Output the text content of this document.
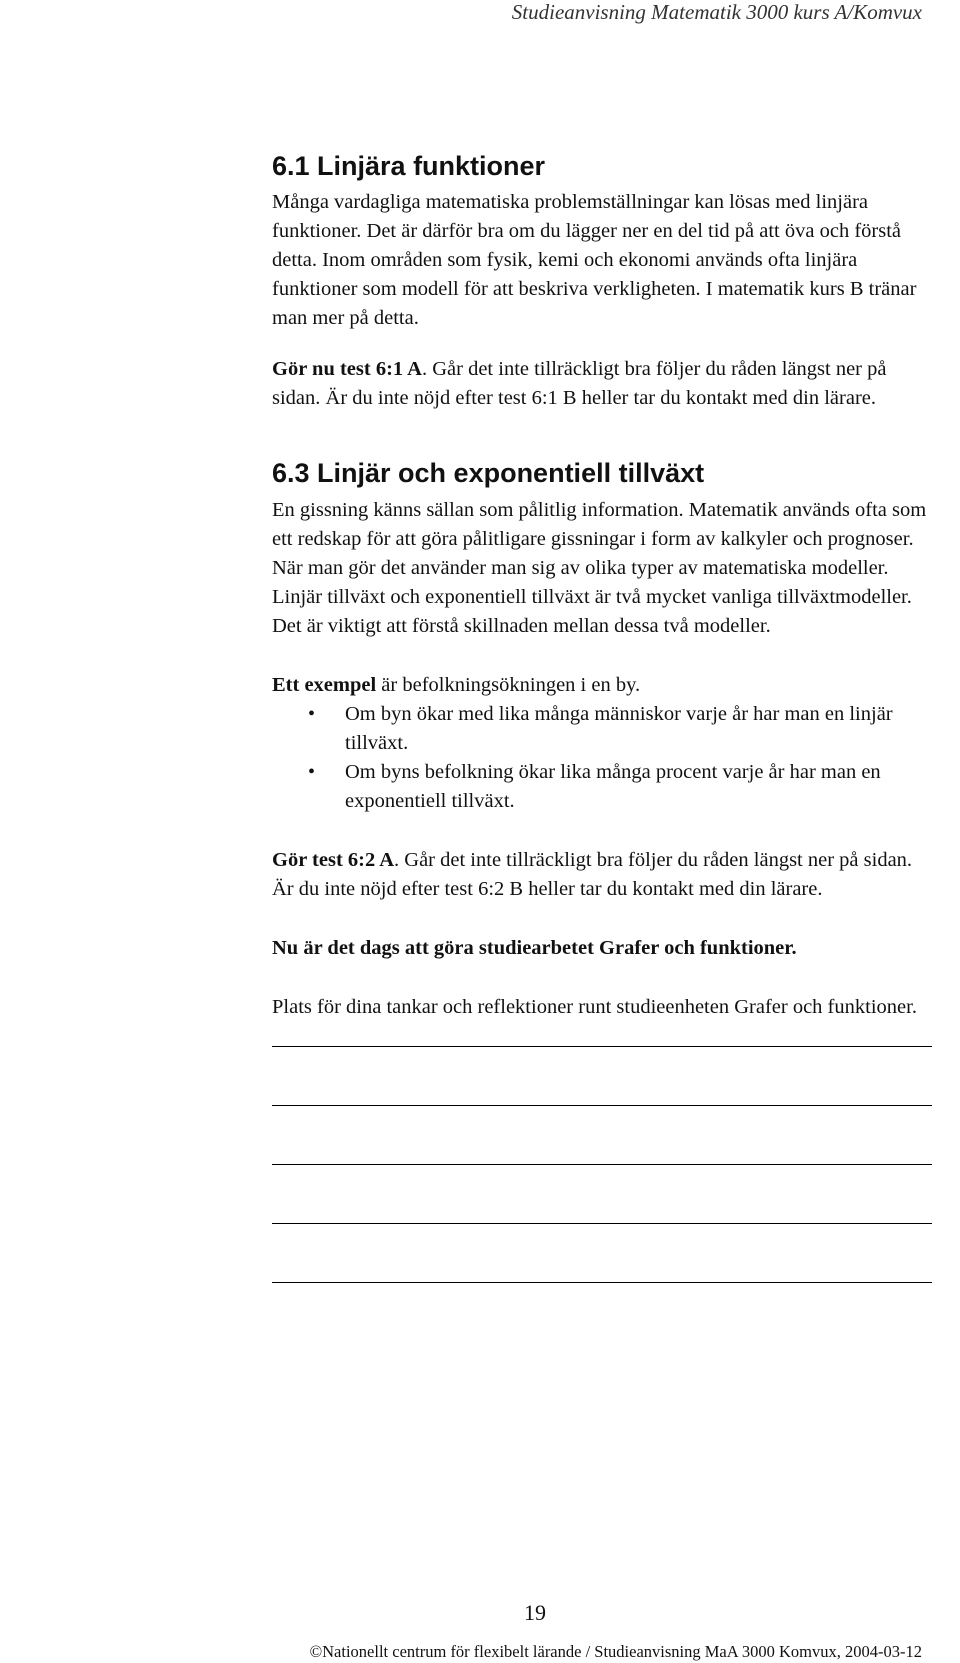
Studieanvisning Matematik 3000 kurs A/Komvux
6.1 Linjära funktioner

Många vardagliga matematiska problemställningar kan lösas med linjära funktioner. Det är därför bra om du lägger ner en del tid på att öva och förstå detta. Inom områden som fysik, kemi och ekonomi används ofta linjära funktioner som modell för att beskriva verkligheten. I matematik kurs B tränar man mer på detta.

Gör nu test 6:1 A. Går det inte tillräckligt bra följer du råden längst ner på sidan. Är du inte nöjd efter test 6:1 B heller tar du kontakt med din lärare.

6.3 Linjär och exponentiell tillväxt

En gissning känns sällan som pålitlig information. Matematik används ofta som ett redskap för att göra pålitligare gissningar i form av kalkyler och prognoser. När man gör det använder man sig av olika typer av matematiska modeller. Linjär tillväxt och exponentiell tillväxt är två mycket vanliga tillväxtmodeller. Det är viktigt att förstå skillnaden mellan dessa två modeller.

Ett exempel är befolkningsökningen i en by.

• Om byn ökar med lika många människor varje år har man en linjär tillväxt.
• Om byns befolkning ökar lika många procent varje år har man en exponentiell tillväxt.

Gör test 6:2 A. Går det inte tillräckligt bra följer du råden längst ner på sidan. Är du inte nöjd efter test 6:2 B heller tar du kontakt med din lärare.

Nu är det dags att göra studiearbetet Grafer och funktioner.

Plats för dina tankar och reflektioner runt studieenheten Grafer och funktioner.

19
©Nationellt centrum för flexibelt lärande / Studieanvisning MaA 3000 Komvux, 2004-03-12
